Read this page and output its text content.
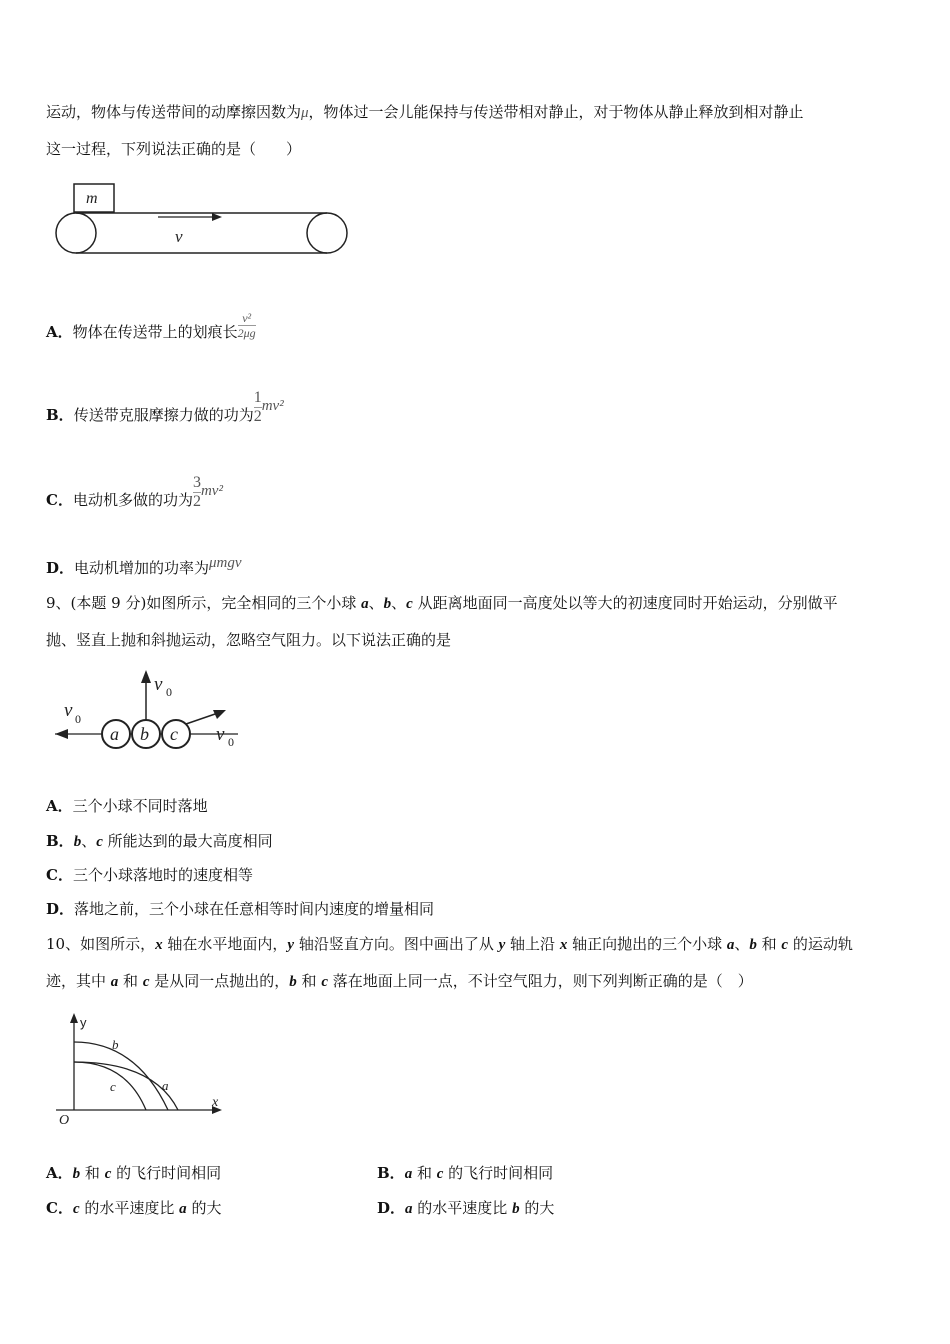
运动，物体与传送带间的动摩擦因数为μ，物体过一会儿能保持与传送带相对静止，对于物体从静止释放到相对静止
这一过程，下列说法正确的是（　　）
m
v
A．物体在传送带上的划痕长 $\frac{\text{v²}}{2\mu g}$
B．传送带克服摩擦力做的功为 $\frac{1}{2} mv^2$
C．电动机多做的功为 $\frac{3}{2} mv^2$
D．电动机增加的功率为μmgv
9、(本题 9 分)如图所示，完全相同的三个小球 a、b、c 从距离地面同一高度处以等大的初速度同时开始运动，分别做平
抛、竖直上抛和斜抛运动，忽略空气阻力。以下说法正确的是
a b c
v 0
v 0
v 0
A．三个小球不同时落地
B．b、c 所能达到的最大高度相同
C．三个小球落地时的速度相等
D．落地之前，三个小球在任意相等时间内速度的增量相同
10、如图所示，x 轴在水平地面内，y 轴沿竖直方向。图中画出了从 y 轴上沿 x 轴正向抛出的三个小球 a、b 和 c 的运动轨
迹，其中 a 和 c 是从同一点抛出的，b 和 c 落在地面上同一点，不计空气阻力，则下列判断正确的是（　）
y
x
O
b
a
c
A．b 和 c 的飞行时间相同	B．a 和 c 的飞行时间相同
C．c 的水平速度比 a 的大	D．a 的水平速度比 b 的大
